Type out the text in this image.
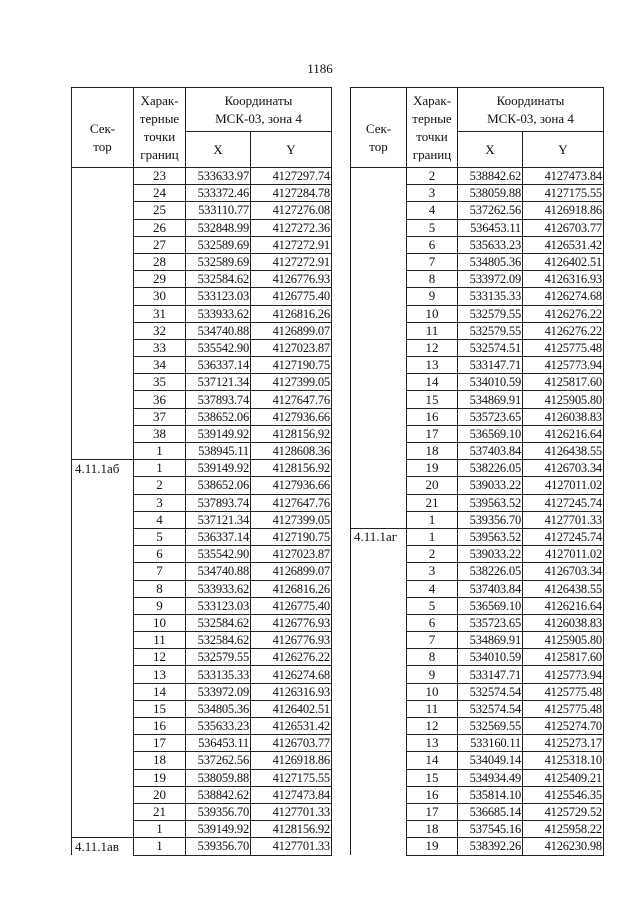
1186
Сек-
тор	Харак-
терные
точки
границ	Координаты
МСК-03, зона 4	
		X	Y
	23	533633.97	4127297.74
	24	533372.46	4127284.78
	25	533110.77	4127276.08
	26	532848.99	4127272.36
	27	532589.69	4127272.91
	28	532589.69	4127272.91
	29	532584.62	4126776.93
	30	533123.03	4126775.40
	31	533933.62	4126816.26
	32	534740.88	4126899.07
	33	535542.90	4127023.87
	34	536337.14	4127190.75
	35	537121.34	4127399.05
	36	537893.74	4127647.76
	37	538652.06	4127936.66
	38	539149.92	4128156.92
	1	538945.11	4128608.36
4.11.1аб	1	539149.92	4128156.92
	2	538652.06	4127936.66
	3	537893.74	4127647.76
	4	537121.34	4127399.05
	5	536337.14	4127190.75
	6	535542.90	4127023.87
	7	534740.88	4126899.07
	8	533933.62	4126816.26
	9	533123.03	4126775.40
	10	532584.62	4126776.93
	11	532584.62	4126776.93
	12	532579.55	4126276.22
	13	533135.33	4126274.68
	14	533972.09	4126316.93
	15	534805.36	4126402.51
	16	535633.23	4126531.42
	17	536453.11	4126703.77
	18	537262.56	4126918.86
	19	538059.88	4127175.55
	20	538842.62	4127473.84
	21	539356.70	4127701.33
	1	539149.92	4128156.92
4.11.1ав	1	539356.70	4127701.33
Сек-
тор	Харак-
терные
точки
границ	Координаты
МСК-03, зона 4	
		X	Y
	2	538842.62	4127473.84
	3	538059.88	4127175.55
	4	537262.56	4126918.86
	5	536453.11	4126703.77
	6	535633.23	4126531.42
	7	534805.36	4126402.51
	8	533972.09	4126316.93
	9	533135.33	4126274.68
	10	532579.55	4126276.22
	11	532579.55	4126276.22
	12	532574.51	4125775.48
	13	533147.71	4125773.94
	14	534010.59	4125817.60
	15	534869.91	4125905.80
	16	535723.65	4126038.83
	17	536569.10	4126216.64
	18	537403.84	4126438.55
	19	538226.05	4126703.34
	20	539033.22	4127011.02
	21	539563.52	4127245.74
	1	539356.70	4127701.33
4.11.1аг	1	539563.52	4127245.74
	2	539033.22	4127011.02
	3	538226.05	4126703.34
	4	537403.84	4126438.55
	5	536569.10	4126216.64
	6	535723.65	4126038.83
	7	534869.91	4125905.80
	8	534010.59	4125817.60
	9	533147.71	4125773.94
	10	532574.54	4125775.48
	11	532574.54	4125775.48
	12	532569.55	4125274.70
	13	533160.11	4125273.17
	14	534049.14	4125318.10
	15	534934.49	4125409.21
	16	535814.10	4125546.35
	17	536685.14	4125729.52
	18	537545.16	4125958.22
	19	538392.26	4126230.98
